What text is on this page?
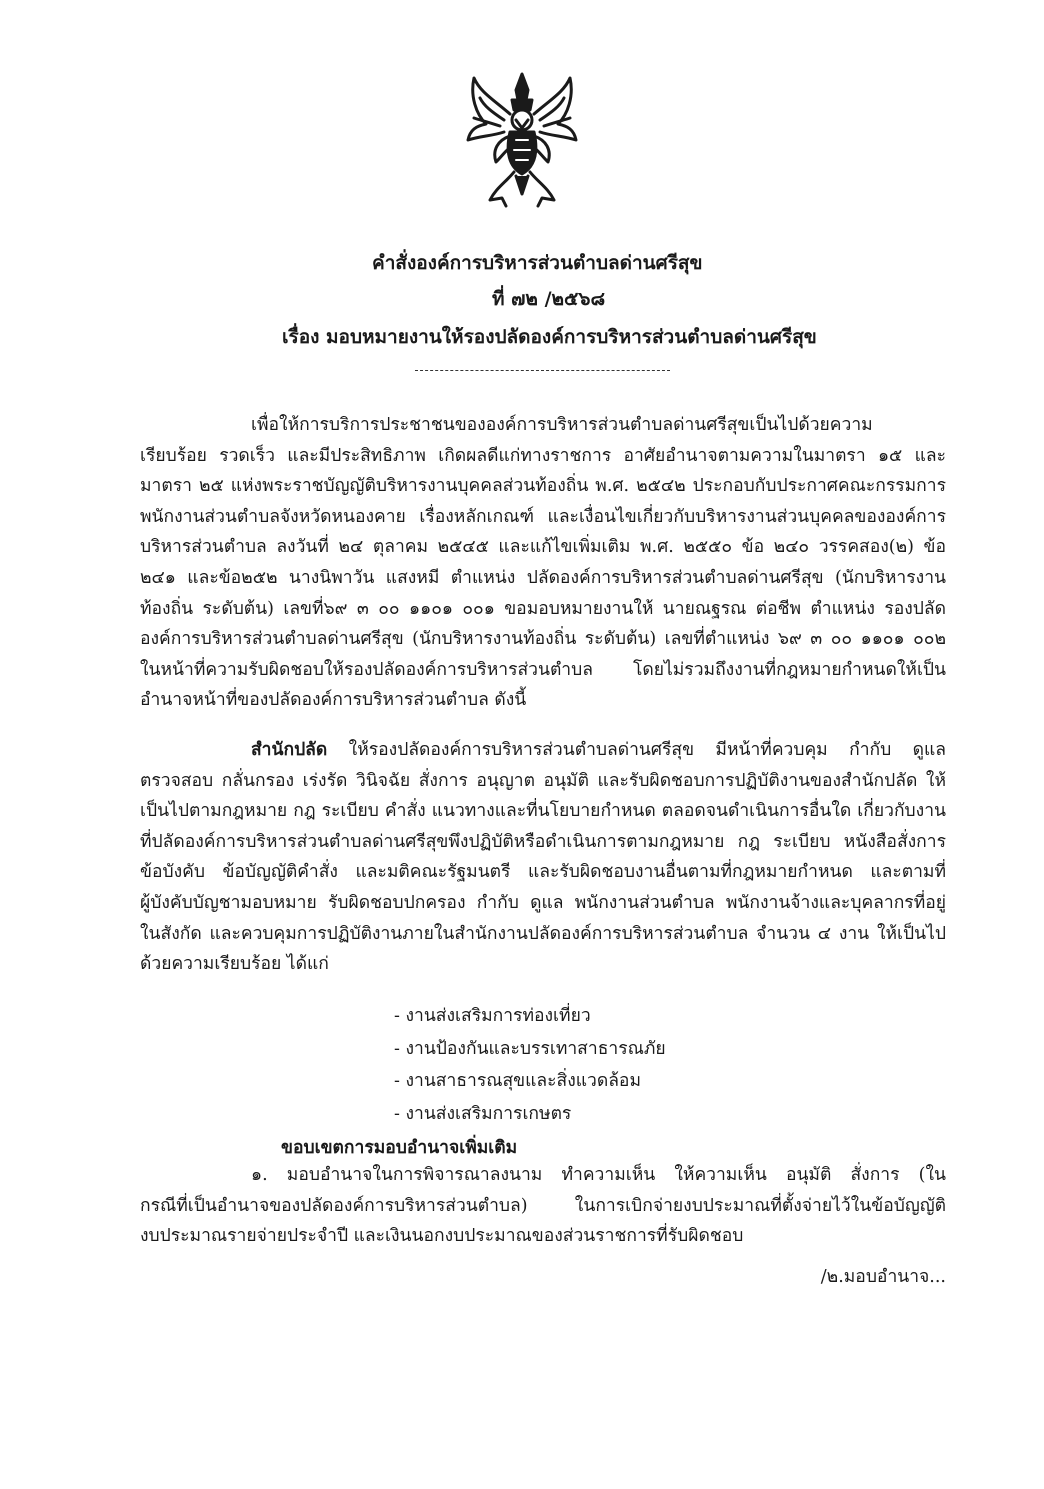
คำสั่งองค์การบริหารส่วนตำบลด่านศรีสุข
ที่ ๗๒ /๒๕๖๘
เรื่อง มอบหมายงานให้รองปลัดองค์การบริหารส่วนตำบลด่านศรีสุข
เพื่อให้การบริการประชาชนขององค์การบริหารส่วนตำบลด่านศรีสุขเป็นไปด้วยความ
เรียบร้อย รวดเร็ว และมีประสิทธิภาพ เกิดผลดีแก่ทางราชการ อาศัยอำนาจตามความในมาตรา ๑๕ และ
มาตรา ๒๕ แห่งพระราชบัญญัติบริหารงานบุคคลส่วนท้องถิ่น พ.ศ. ๒๕๔๒ ประกอบกับประกาศคณะกรรมการ
พนักงานส่วนตำบลจังหวัดหนองคาย เรื่องหลักเกณฑ์ และเงื่อนไขเกี่ยวกับบริหารงานส่วนบุคคลขององค์การ
บริหารส่วนตำบล ลงวันที่ ๒๔ ตุลาคม ๒๕๔๕ และแก้ไขเพิ่มเติม พ.ศ. ๒๕๕๐ ข้อ ๒๔๐ วรรคสอง(๒) ข้อ
๒๔๑ และข้อ๒๕๒ นางนิพาวัน แสงหมี ตำแหน่ง ปลัดองค์การบริหารส่วนตำบลด่านศรีสุข (นักบริหารงาน
ท้องถิ่น ระดับต้น) เลขที่๖๙ ๓ ๐๐ ๑๑๐๑ ๐๐๑ ขอมอบหมายงานให้ นายณฐรณ ต่อชีพ ตำแหน่ง รองปลัด
องค์การบริหารส่วนตำบลด่านศรีสุข (นักบริหารงานท้องถิ่น ระดับต้น) เลขที่ตำแหน่ง ๖๙ ๓ ๐๐ ๑๑๐๑ ๐๐๒
ในหน้าที่ความรับผิดชอบให้รองปลัดองค์การบริหารส่วนตำบล โดยไม่รวมถึงงานที่กฎหมายกำหนดให้เป็น
อำนาจหน้าที่ของปลัดองค์การบริหารส่วนตำบล ดังนี้
สำนักปลัด ให้รองปลัดองค์การบริหารส่วนตำบลด่านศรีสุข มีหน้าที่ควบคุม กำกับ ดูแล
ตรวจสอบ กลั่นกรอง เร่งรัด วินิจฉัย สั่งการ อนุญาต อนุมัติ และรับผิดชอบการปฏิบัติงานของสำนักปลัด ให้
เป็นไปตามกฎหมาย กฎ ระเบียบ คำสั่ง แนวทางและที่นโยบายกำหนด ตลอดจนดำเนินการอื่นใด เกี่ยวกับงาน
ที่ปลัดองค์การบริหารส่วนตำบลด่านศรีสุขพึงปฏิบัติหรือดำเนินการตามกฎหมาย กฎ ระเบียบ หนังสือสั่งการ
ข้อบังคับ ข้อบัญญัติคำสั่ง และมติคณะรัฐมนตรี และรับผิดชอบงานอื่นตามที่กฎหมายกำหนด และตามที่
ผู้บังคับบัญชามอบหมาย รับผิดชอบปกครอง กำกับ ดูแล พนักงานส่วนตำบล พนักงานจ้างและบุคลากรที่อยู่
ในสังกัด และควบคุมการปฏิบัติงานภายในสำนักงานปลัดองค์การบริหารส่วนตำบล จำนวน ๔ งาน ให้เป็นไป
ด้วยความเรียบร้อย ได้แก่
- งานส่งเสริมการท่องเที่ยว
- งานป้องกันและบรรเทาสาธารณภัย
- งานสาธารณสุขและสิ่งแวดล้อม
- งานส่งเสริมการเกษตร
ขอบเขตการมอบอำนาจเพิ่มเติม
๑. มอบอำนาจในการพิจารณาลงนาม ทำความเห็น ให้ความเห็น อนุมัติ สั่งการ (ใน
กรณีที่เป็นอำนาจของปลัดองค์การบริหารส่วนตำบล) ในการเบิกจ่ายงบประมาณที่ตั้งจ่ายไว้ในข้อบัญญัติ
งบประมาณรายจ่ายประจำปี และเงินนอกงบประมาณของส่วนราชการที่รับผิดชอบ
/๒.มอบอำนาจ...
